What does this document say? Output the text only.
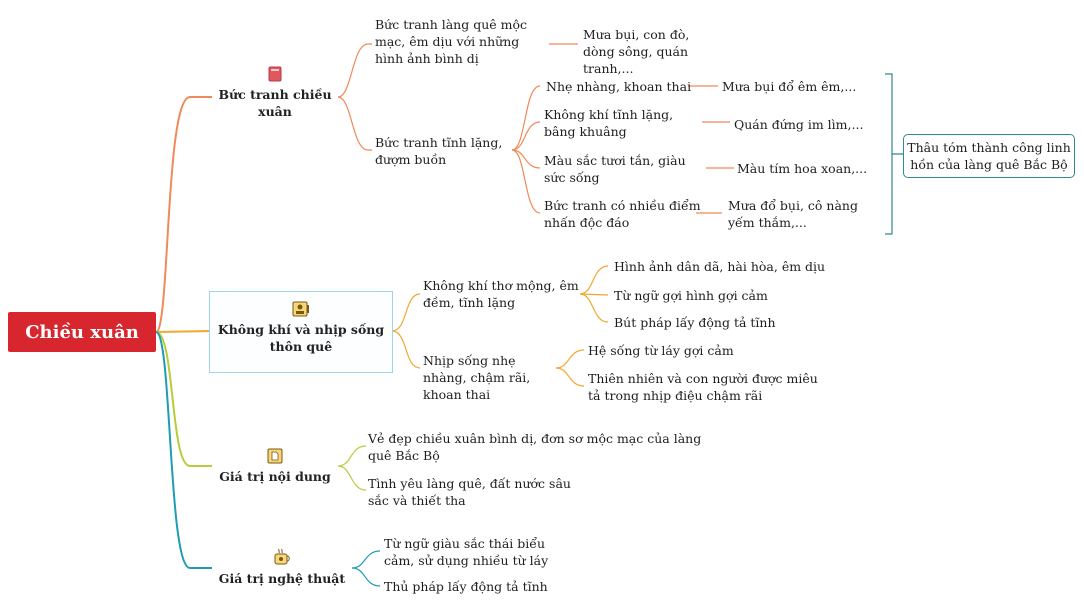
Chiều xuân
Bức tranh chiều xuân
Không khí và nhịp sống thôn quê
Giá trị nội dung
Giá trị nghệ thuật
Bức tranh làng quê mộc mạc, êm dịu với những hình ảnh bình dị
Mưa bụi, con đò, dòng sông, quán tranh,...
Bức tranh tĩnh lặng, đượm buồn
Nhẹ nhàng, khoan thai	Mưa bụi đổ êm êm,...
Không khí tĩnh lặng, bâng khuâng	Quán đứng im lìm,...
Màu sắc tươi tắn, giàu sức sống
Màu tím hoa xoan,...
Bức tranh có nhiều điểm nhấn độc đáo
Mưa đổ bụi, cô nàng yếm thắm,...
Thâu tóm thành công linh hồn của làng quê Bắc Bộ
Không khí thơ mộng, êm đềm, tĩnh lặng
Hình ảnh dân dã, hài hòa, êm dịu
Từ ngữ gợi hình gợi cảm
Bút pháp lấy động tả tĩnh
Nhịp sống nhẹ nhàng, chậm rãi, khoan thai
Hệ sống từ láy gợi cảm
Thiên nhiên và con người được miêu tả trong nhịp điệu chậm rãi
Vẻ đẹp chiều xuân bình dị, đơn sơ mộc mạc của làng quê Bắc Bộ
Tình yêu làng quê, đất nước sâu sắc và thiết tha
Từ ngữ giàu sắc thái biểu cảm, sử dụng nhiều từ láy
Thủ pháp lấy động tả tĩnh
